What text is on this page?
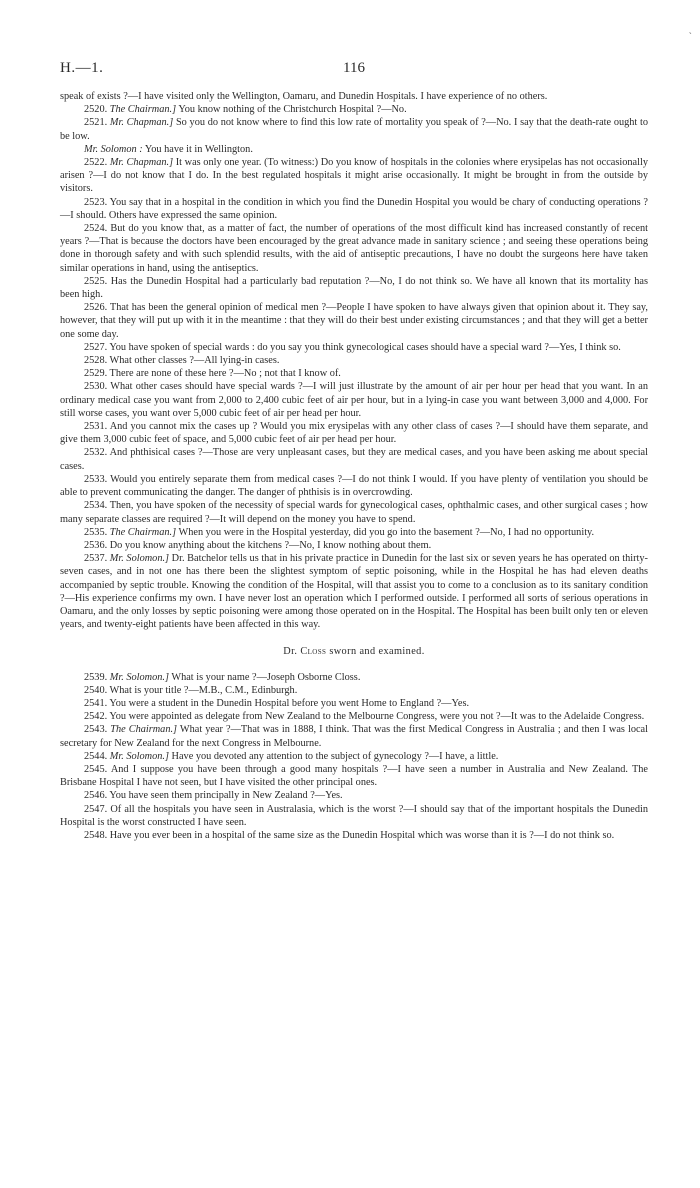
`
H.—1.	116

speak of exists ?—I have visited only the Wellington, Oamaru, and Dunedin Hospitals. I have experience of no others.

2520. The Chairman.] You know nothing of the Christchurch Hospital ?—No.

2521. Mr. Chapman.] So you do not know where to find this low rate of mortality you speak of ?—No. I say that the death-rate ought to be low.

Mr. Solomon : You have it in Wellington.

2522. Mr. Chapman.] It was only one year. (To witness:) Do you know of hospitals in the colonies where erysipelas has not occasionally arisen ?—I do not know that I do. In the best regulated hospitals it might arise occasionally. It might be brought in from the outside by visitors.

2523. You say that in a hospital in the condition in which you find the Dunedin Hospital you would be chary of conducting operations ?—I should. Others have expressed the same opinion.

2524. But do you know that, as a matter of fact, the number of operations of the most difficult kind has increased constantly of recent years ?—That is because the doctors have been encouraged by the great advance made in sanitary science ; and seeing these operations being done in thorough safety and with such splendid results, with the aid of antiseptic precautions, I have no doubt the surgeons here have taken similar operations in hand, using the antiseptics.

2525. Has the Dunedin Hospital had a particularly bad reputation ?—No, I do not think so. We have all known that its mortality has been high.

2526. That has been the general opinion of medical men ?—People I have spoken to have always given that opinion about it. They say, however, that they will put up with it in the meantime : that they will do their best under existing circumstances ; and that they will get a better one some day.

2527. You have spoken of special wards : do you say you think gynecological cases should have a special ward ?—Yes, I think so.

2528. What other classes ?—All lying-in cases.

2529. There are none of these here ?—No ; not that I know of.

2530. What other cases should have special wards ?—I will just illustrate by the amount of air per hour per head that you want. In an ordinary medical case you want from 2,000 to 2,400 cubic feet of air per hour, but in a lying-in case you want between 3,000 and 4,000. For still worse cases, you want over 5,000 cubic feet of air per head per hour.

2531. And you cannot mix the cases up ? Would you mix erysipelas with any other class of cases ?—I should have them separate, and give them 3,000 cubic feet of space, and 5,000 cubic feet of air per head per hour.

2532. And phthisical cases ?—Those are very unpleasant cases, but they are medical cases, and you have been asking me about special cases.

2533. Would you entirely separate them from medical cases ?—I do not think I would. If you have plenty of ventilation you should be able to prevent communicating the danger. The danger of phthisis is in overcrowding.

2534. Then, you have spoken of the necessity of special wards for gynecological cases, ophthalmic cases, and other surgical cases ; how many separate classes are required ?—It will depend on the money you have to spend.

2535. The Chairman.] When you were in the Hospital yesterday, did you go into the basement ?—No, I had no opportunity.

2536. Do you know anything about the kitchens ?—No, I know nothing about them.

2537. Mr. Solomon.] Dr. Batchelor tells us that in his private practice in Dunedin for the last six or seven years he has operated on thirty-seven cases, and in not one has there been the slightest symptom of septic poisoning, while in the Hospital he has had eleven deaths accompanied by septic trouble. Knowing the condition of the Hospital, will that assist you to come to a conclusion as to its sanitary condition ?—His experience confirms my own. I have never lost an operation which I performed outside. I performed all sorts of serious operations in Oamaru, and the only losses by septic poisoning were among those operated on in the Hospital. The Hospital has been built only ten or eleven years, and twenty-eight patients have been affected in this way.

Dr. Closs sworn and examined.

2539. Mr. Solomon.] What is your name ?—Joseph Osborne Closs.

2540. What is your title ?—M.B., C.M., Edinburgh.

2541. You were a student in the Dunedin Hospital before you went Home to England ?—Yes.

2542. You were appointed as delegate from New Zealand to the Melbourne Congress, were you not ?—It was to the Adelaide Congress.

2543. The Chairman.] What year ?—That was in 1888, I think. That was the first Medical Congress in Australia ; and then I was local secretary for New Zealand for the next Congress in Melbourne.

2544. Mr. Solomon.] Have you devoted any attention to the subject of gynecology ?—I have, a little.

2545. And I suppose you have been through a good many hospitals ?—I have seen a number in Australia and New Zealand. The Brisbane Hospital I have not seen, but I have visited the other principal ones.

2546. You have seen them principally in New Zealand ?—Yes.

2547. Of all the hospitals you have seen in Australasia, which is the worst ?—I should say that of the important hospitals the Dunedin Hospital is the worst constructed I have seen.

2548. Have you ever been in a hospital of the same size as the Dunedin Hospital which was worse than it is ?—I do not think so.
